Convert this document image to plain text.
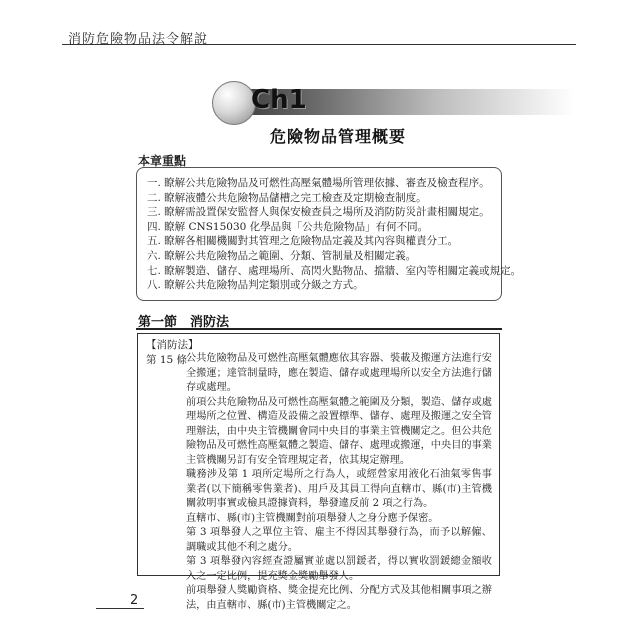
消防危險物品法令解說
Ch1
危險物品管理概要
本章重點
一. 瞭解公共危險物品及可燃性高壓氣體場所管理依據、審查及檢查程序。
二. 瞭解液體公共危險物品儲槽之完工檢查及定期檢查制度。
三. 瞭解需設置保安監督人與保安檢查員之場所及消防防災計畫相關規定。
四. 瞭解 CNS15030 化學品與「公共危險物品」有何不同。
五. 瞭解各相關機關對其管理之危險物品定義及其內容與權責分工。
六. 瞭解公共危險物品之範圍、分類、管制量及相關定義。
七. 瞭解製造、儲存、處理場所、高閃火點物品、擋牆、室內等相關定義或規定。
八. 瞭解公共危險物品判定類別或分級之方式。
第一節　消防法
【消防法】
第 15 條

公共危險物品及可燃性高壓氣體應依其容器、裝載及搬運方法進行安全搬運；達管制量時，應在製造、儲存或處理場所以安全方法進行儲存或處理。

前項公共危險物品及可燃性高壓氣體之範圍及分類，製造、儲存或處理場所之位置、構造及設備之設置標準、儲存、處理及搬運之安全管理辦法，由中央主管機關會同中央目的事業主管機關定之。但公共危險物品及可燃性高壓氣體之製造、儲存、處理或搬運，中央目的事業主管機關另訂有安全管理規定者，依其規定辦理。

職務涉及第 1 項所定場所之行為人，或經營家用液化石油氣零售事業者(以下簡稱零售業者)、用戶及其員工得向直轄市、縣(市)主管機關敘明事實或檢具證據資料，舉發違反前 2 項之行為。

直轄市、縣(市)主管機關對前項舉發人之身分應予保密。

第 3 項舉發人之單位主管、雇主不得因其舉發行為，而予以解僱、調職或其他不利之處分。

第 3 項舉發內容經查證屬實並處以罰鍰者，得以實收罰鍰總金額收入之一定比例，提充獎金獎勵舉發人。

前項舉發人獎勵資格、獎金提充比例、分配方式及其他相關事項之辦法，由直轄市、縣(市)主管機關定之。

2
